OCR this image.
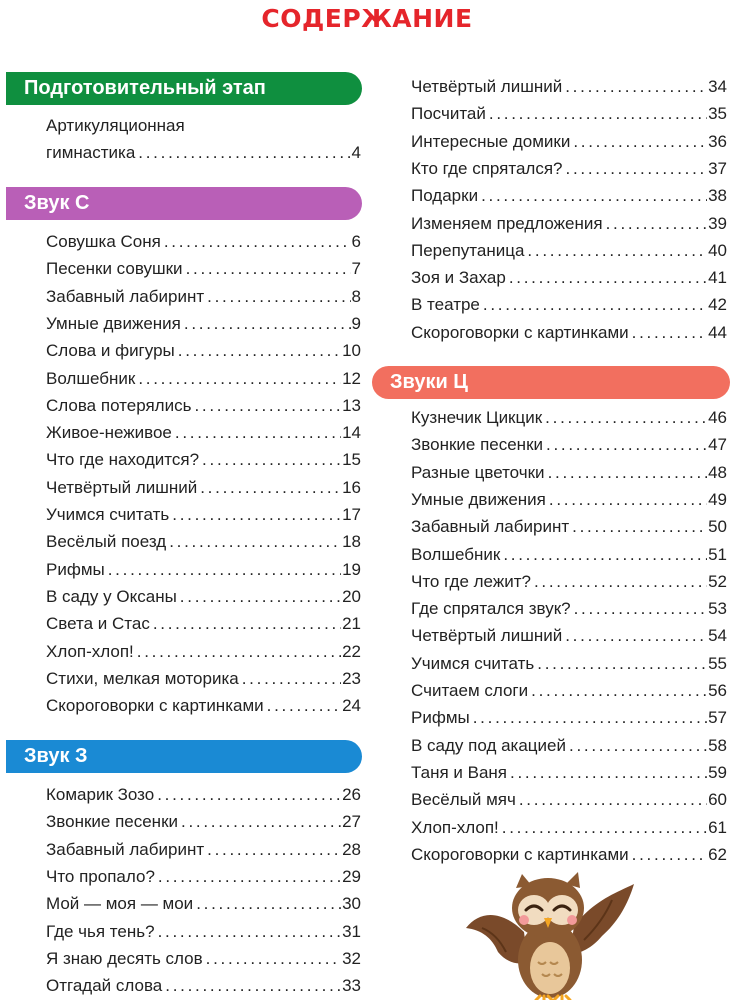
СОДЕРЖАНИЕ
Подготовительный этап
Артикуляционная
гимнастика . . .	4
Звук С
Совушка Соня . . .	6
Песенки совушки . . .	7
Забавный лабиринт . . .	8
Умные движения . . .	9
Слова и фигуры . . .	10
Волшебник . . .	12
Слова потерялись . . .	13
Живое-неживое . . .	14
Что где находится? . . .	15
Четвёртый лишний . . .	16
Учимся считать . . .	17
Весёлый поезд . . .	18
Рифмы . . .	19
В саду у Оксаны . . .	20
Света и Стас . . .	21
Хлоп-хлоп! . . .	22
Стихи, мелкая моторика . . .	23
Скороговорки с картинками . . .	24
Звук З
Комарик Зозо . . .	26
Звонкие песенки . . .	27
Забавный лабиринт . . .	28
Что пропало? . . .	29
Мой — моя — мои . . .	30
Где чья тень? . . .	31
Я знаю десять слов . . .	32
Отгадай слова . . .	33
Четвёртый лишний . . .	34
Посчитай . . .	35
Интересные домики . . .	36
Кто где спрятался? . . .	37
Подарки . . .	38
Изменяем предложения . . .	39
Перепутаница . . .	40
Зоя и Захар . . .	41
В театре . . .	42
Скороговорки с картинками . . .	44
Звуки Ц
Кузнечик Цикцик . . .	46
Звонкие песенки . . .	47
Разные цветочки . . .	48
Умные движения . . .	49
Забавный лабиринт . . .	50
Волшебник . . .	51
Что где лежит? . . .	52
Где спрятался звук? . . .	53
Четвёртый лишний . . .	54
Учимся считать . . .	55
Считаем слоги . . .	56
Рифмы . . .	57
В саду под акацией . . .	58
Таня и Ваня . . .	59
Весёлый мяч . . .	60
Хлоп-хлоп! . . .	61
Скороговорки с картинками . . .	62
